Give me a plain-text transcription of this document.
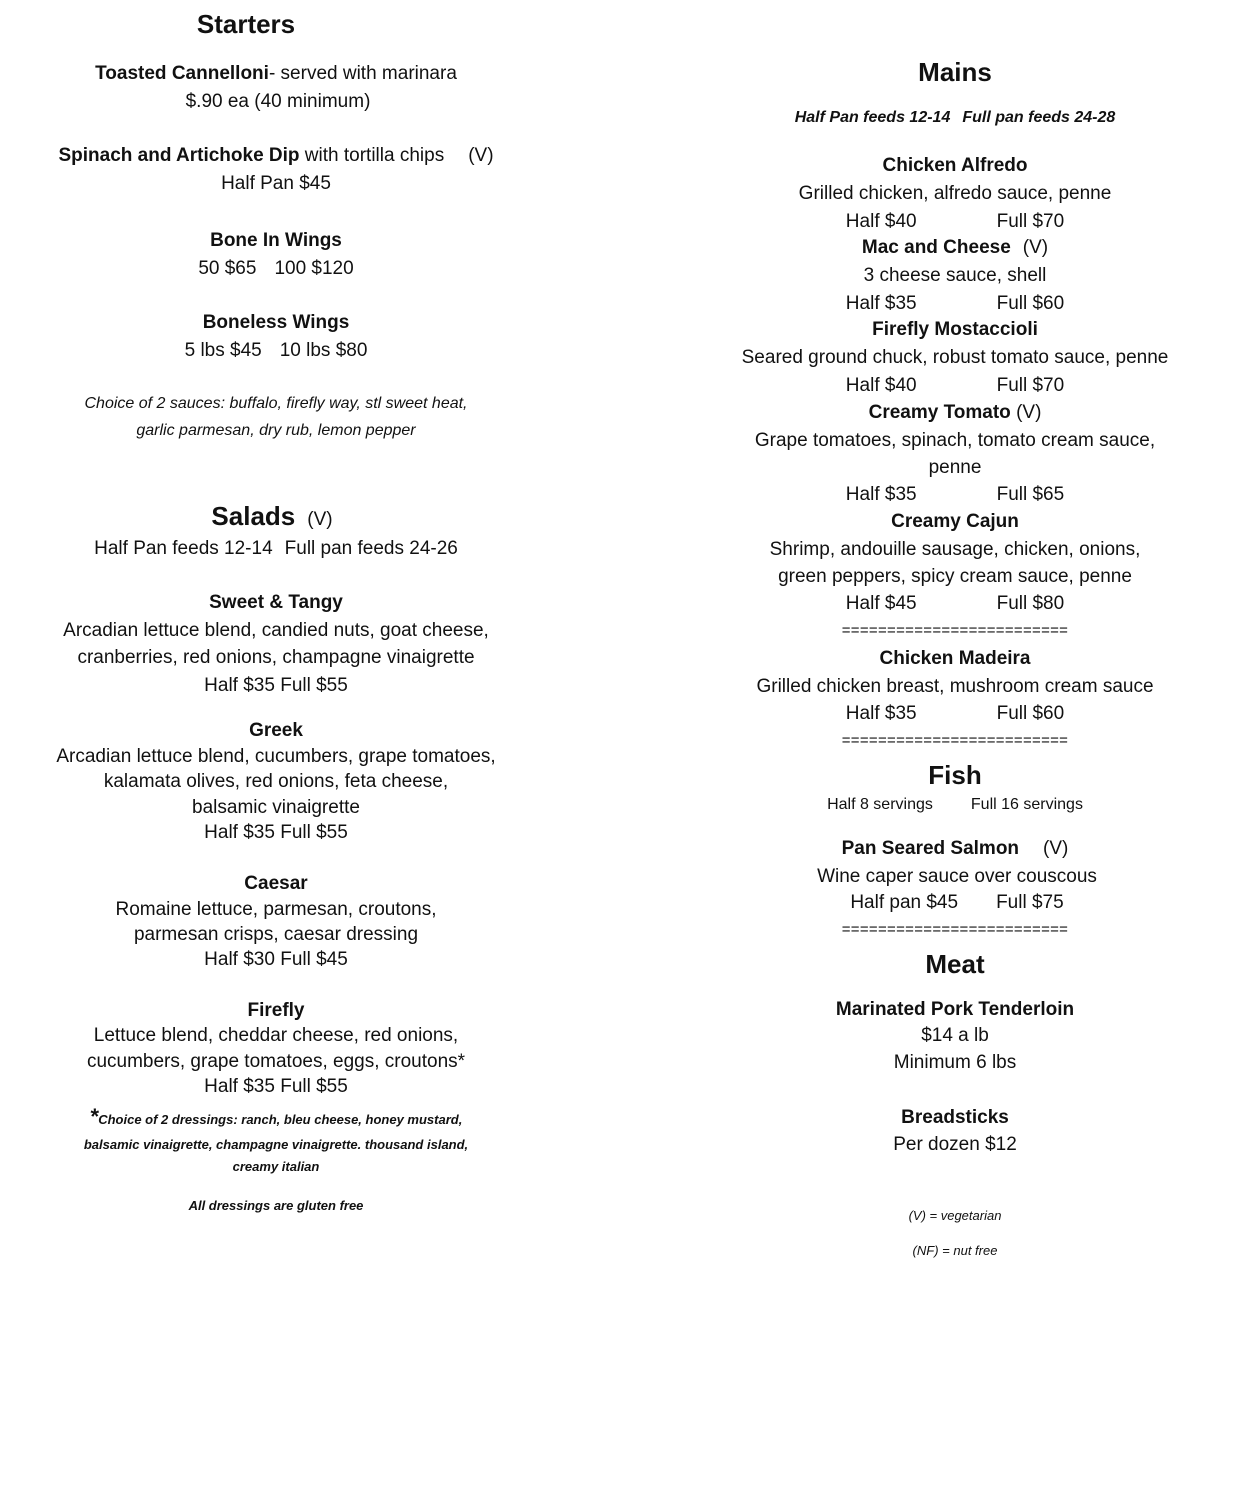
Starters
Toasted Cannelloni- served with marinara
$.90 ea (40 minimum)
Spinach and Artichoke Dip with tortilla chips (V)
Half Pan $45
Bone In Wings
50 $65 100 $120
Boneless Wings
5 lbs $45 10 lbs $80
Choice of 2 sauces: buffalo, firefly way, stl sweet heat,
garlic parmesan, dry rub, lemon pepper
Salads (V)
Half Pan feeds 12-14 Full pan feeds 24-26
Sweet & Tangy
Arcadian lettuce blend, candied nuts, goat cheese,
cranberries, red onions, champagne vinaigrette
Half $35 Full $55
Greek
Arcadian lettuce blend, cucumbers, grape tomatoes,
kalamata olives, red onions, feta cheese,
balsamic vinaigrette
Half $35 Full $55
Caesar
Romaine lettuce, parmesan, croutons,
parmesan crisps, caesar dressing
Half $30 Full $45
Firefly
Lettuce blend, cheddar cheese, red onions,
cucumbers, grape tomatoes, eggs, croutons*
Half $35 Full $55
*Choice of 2 dressings: ranch, bleu cheese, honey mustard,
balsamic vinaigrette, champagne vinaigrette. thousand island,
creamy italian
All dressings are gluten free
Mains
Half Pan feeds 12-14 Full pan feeds 24-28
Chicken Alfredo
Grilled chicken, alfredo sauce, penne
Half $40	Full $70
Mac and Cheese (V)
3 cheese sauce, shell
Half $35	Full $60
Firefly Mostaccioli
Seared ground chuck, robust tomato sauce, penne
Half $40	Full $70
Creamy Tomato (V)
Grape tomatoes, spinach, tomato cream sauce,
penne
Half $35	Full $65
Creamy Cajun
Shrimp, andouille sausage, chicken, onions,
green peppers, spicy cream sauce, penne
Half $45	Full $80
=========================
Chicken Madeira
Grilled chicken breast, mushroom cream sauce
Half $35	Full $60
=========================
Fish
Half 8 servings Full 16 servings
Pan Seared Salmon (V)
Wine caper sauce over couscous
Half pan $45 Full $75
=========================
Meat
Marinated Pork Tenderloin
$14 a lb
Minimum 6 lbs
Breadsticks
Per dozen $12
(V) = vegetarian
(NF) = nut free
